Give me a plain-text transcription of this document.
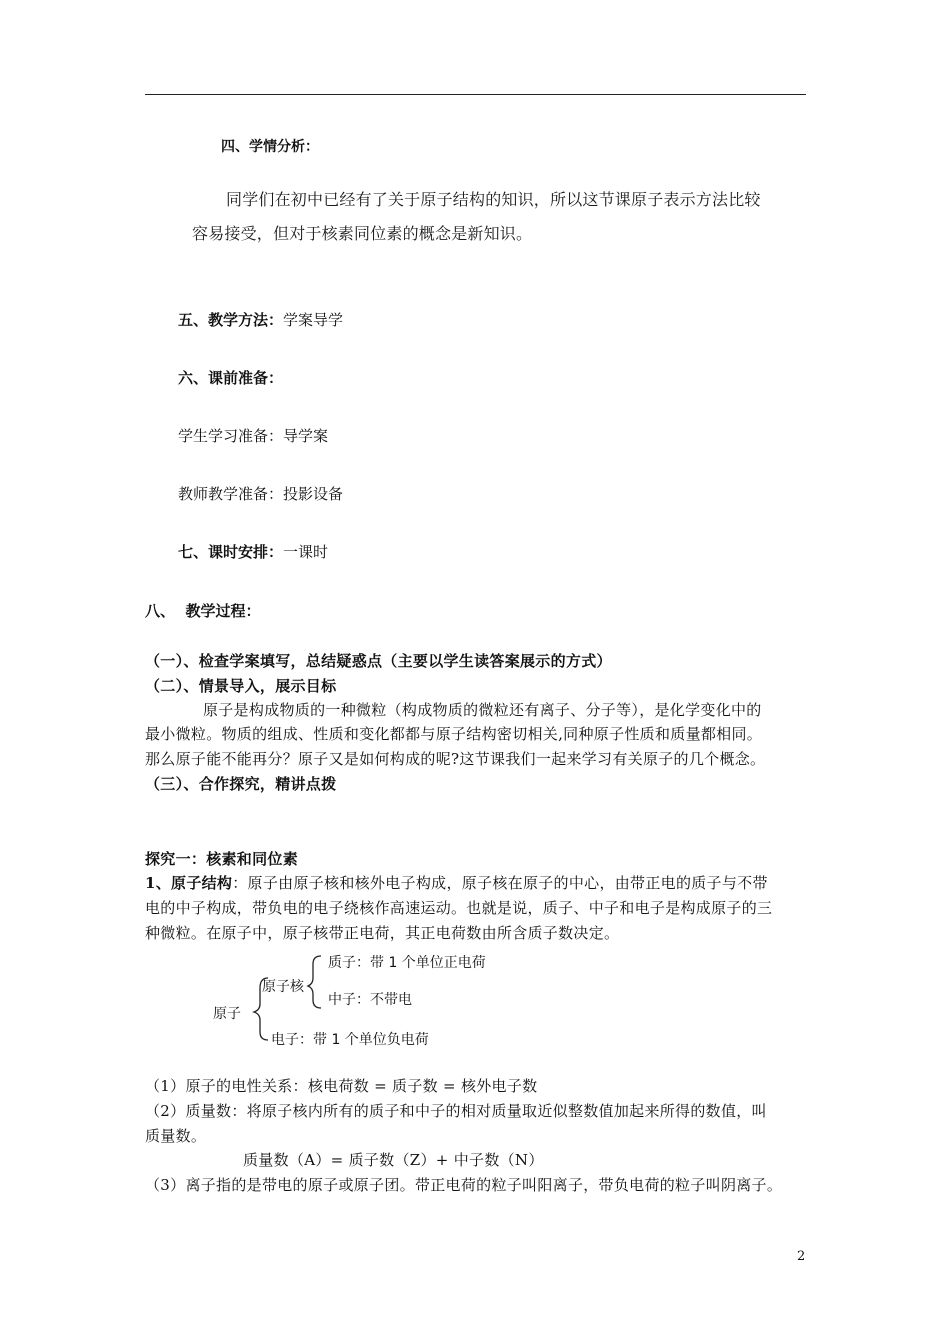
四、学情分析：
同学们在初中已经有了关于原子结构的知识，所以这节课原子表示方法比较
容易接受，但对于核素同位素的概念是新知识。
五、教学方法：学案导学
六、课前准备：
学生学习准备：导学案
教师教学准备：投影设备
七、课时安排：一课时
八、  教学过程：
（一）、检查学案填写，总结疑惑点（主要以学生读答案展示的方式）
（二）、情景导入，展示目标
原子是构成物质的一种微粒（构成物质的微粒还有离子、分子等），是化学变化中的
最小微粒。物质的组成、性质和变化都都与原子结构密切相关,同种原子性质和质量都相同。
那么原子能不能再分？原子又是如何构成的呢?这节课我们一起来学习有关原子的几个概念。
（三）、合作探究，精讲点拨
探究一：核素和同位素
1、原子结构：原子由原子核和核外电子构成，原子核在原子的中心，由带正电的质子与不带
电的中子构成，带负电的电子绕核作高速运动。也就是说，质子、中子和电子是构成原子的三
种微粒。在原子中，原子核带正电荷，其正电荷数由所含质子数决定。
原子
原子核
质子：带 1 个单位正电荷
中子：不带电
电子：带 1 个单位负电荷
（1）原子的电性关系：核电荷数 = 质子数 = 核外电子数
（2）质量数：将原子核内所有的质子和中子的相对质量取近似整数值加起来所得的数值，叫
质量数。
质量数（A）= 质子数（Z）+ 中子数（N）
（3）离子指的是带电的原子或原子团。带正电荷的粒子叫阳离子，带负电荷的粒子叫阴离子。
2
